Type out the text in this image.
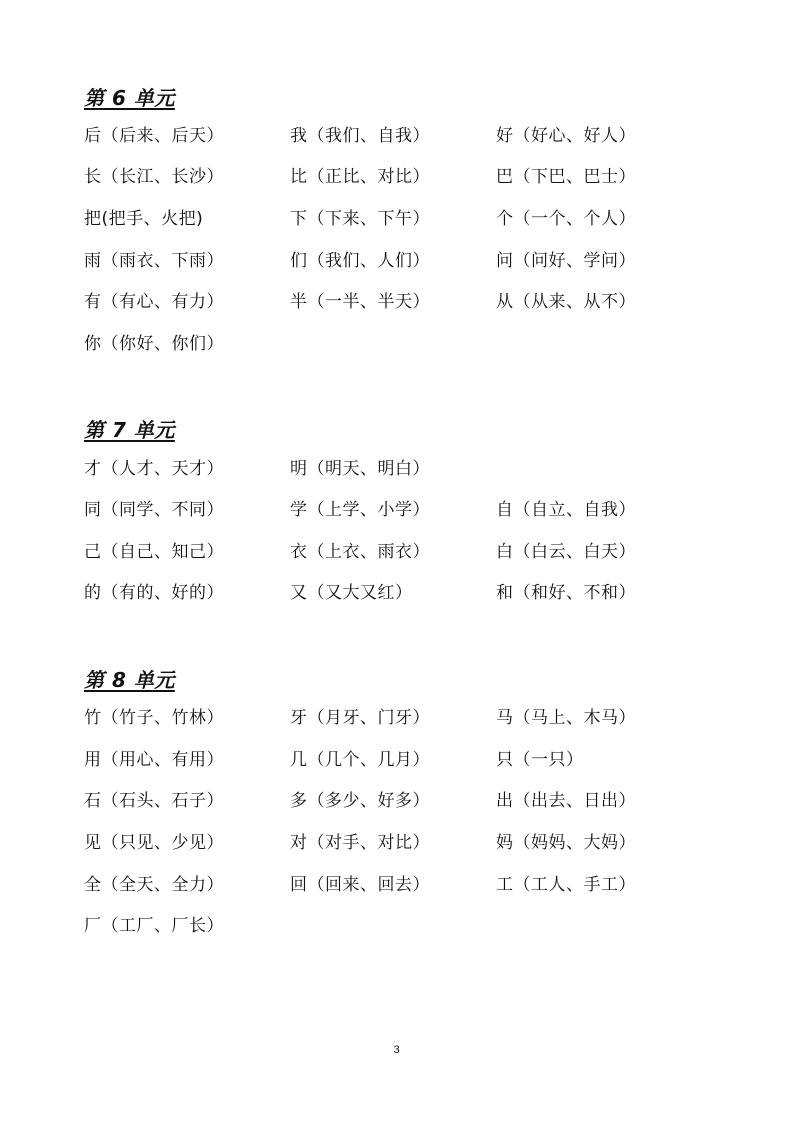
第 6 单元
后（后来、后天）	我（我们、自我）	好（好心、好人）
长（长江、长沙）	比（正比、对比）	巴（下巴、巴士）
把(把手、火把)	下（下来、下午）	个（一个、个人）
雨（雨衣、下雨）	们（我们、人们）	问（问好、学问）
有（有心、有力）	半（一半、半天）	从（从来、从不）
你（你好、你们）
第 7 单元
才（人才、天才）	明（明天、明白）
同（同学、不同）	学（上学、小学）	自（自立、自我）
己（自己、知己）	衣（上衣、雨衣）	白（白云、白天）
的（有的、好的）	又（又大又红）	和（和好、不和）
第 8 单元
竹（竹子、竹林）	牙（月牙、门牙）	马（马上、木马）
用（用心、有用）	几（几个、几月）	只（一只）
石（石头、石子）	多（多少、好多）	出（出去、日出）
见（只见、少见）	对（对手、对比）	妈（妈妈、大妈）
全（全天、全力）	回（回来、回去）	工（工人、手工）
厂（工厂、厂长）
3
